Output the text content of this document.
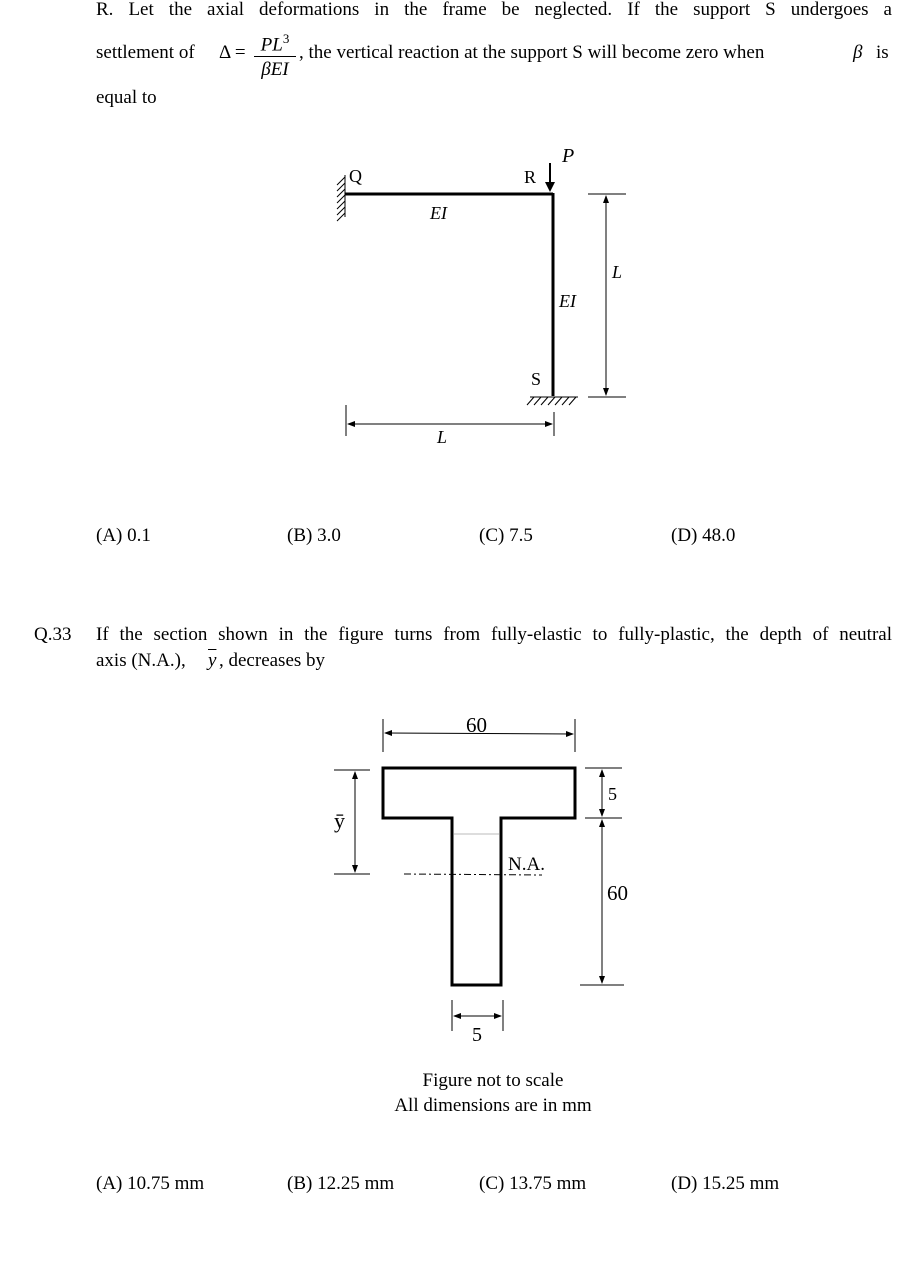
R. Let the axial deformations in the frame be neglected. If the support S undergoes a
settlement of $\Delta = PL^3$
βEI
, the vertical reaction at the support S will become zero when	β is
equal to
Q	R
P
S
EI
EI
L
L
(A) 0.1	(B) 3.0	(C) 7.5	(D) 48.0
Q.33 If the section shown in the figure turns from fully-elastic to fully-plastic, the depth of neutral
axis (N.A.), $\overline{y}$ , decreases by
60
ȳ
N.A.
5
60
5
Figure not to scale
All dimensions are in mm
(A) 10.75 mm	(B) 12.25 mm	(C) 13.75 mm	(D) 15.25 mm
